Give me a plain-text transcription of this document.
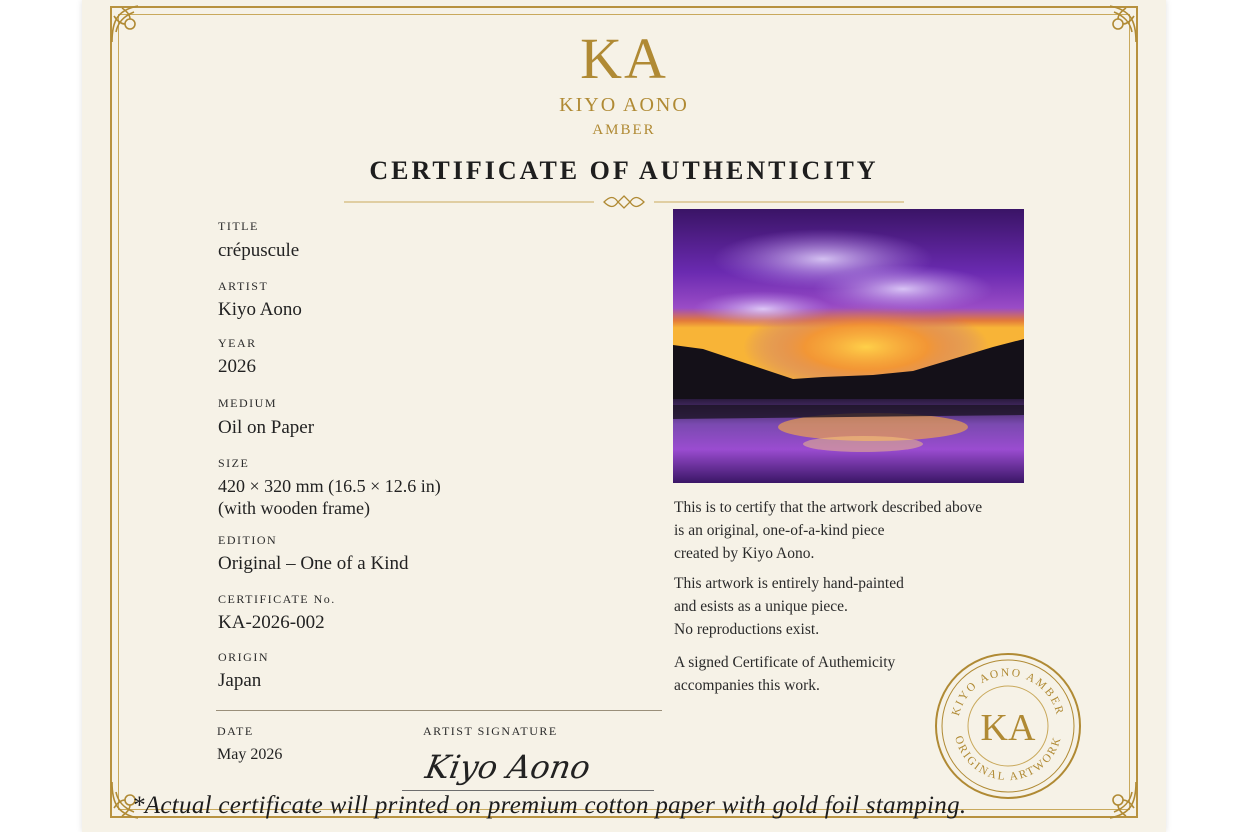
KA
KIYO AONO
AMBER
CERTIFICATE OF AUTHENTICITY
TITLE
crépuscule
ARTIST
Kiyo Aono
YEAR
2026
MEDIUM
Oil on Paper
SIZE
420 × 320 mm (16.5 × 12.6 in)
(with wooden frame)
EDITION
Original – One of a Kind
CERTIFICATE No.
KA-2026-002
ORIGIN
Japan
This is to certify that the artwork described above
is an original, one-of-a-kind piece
created by Kiyo Aono.
This artwork is entirely hand-painted
and esists as a unique piece.
No reproductions exist.
A signed Certificate of Authemicity
accompanies this work.
DATE
May 2026
ARTIST SIGNATURE
Kiyo Aono
KIYO AONO AMBER
ORIGINAL ARTWORK
KA
*Actual certificate will printed on premium cotton paper with gold foil stamping.
